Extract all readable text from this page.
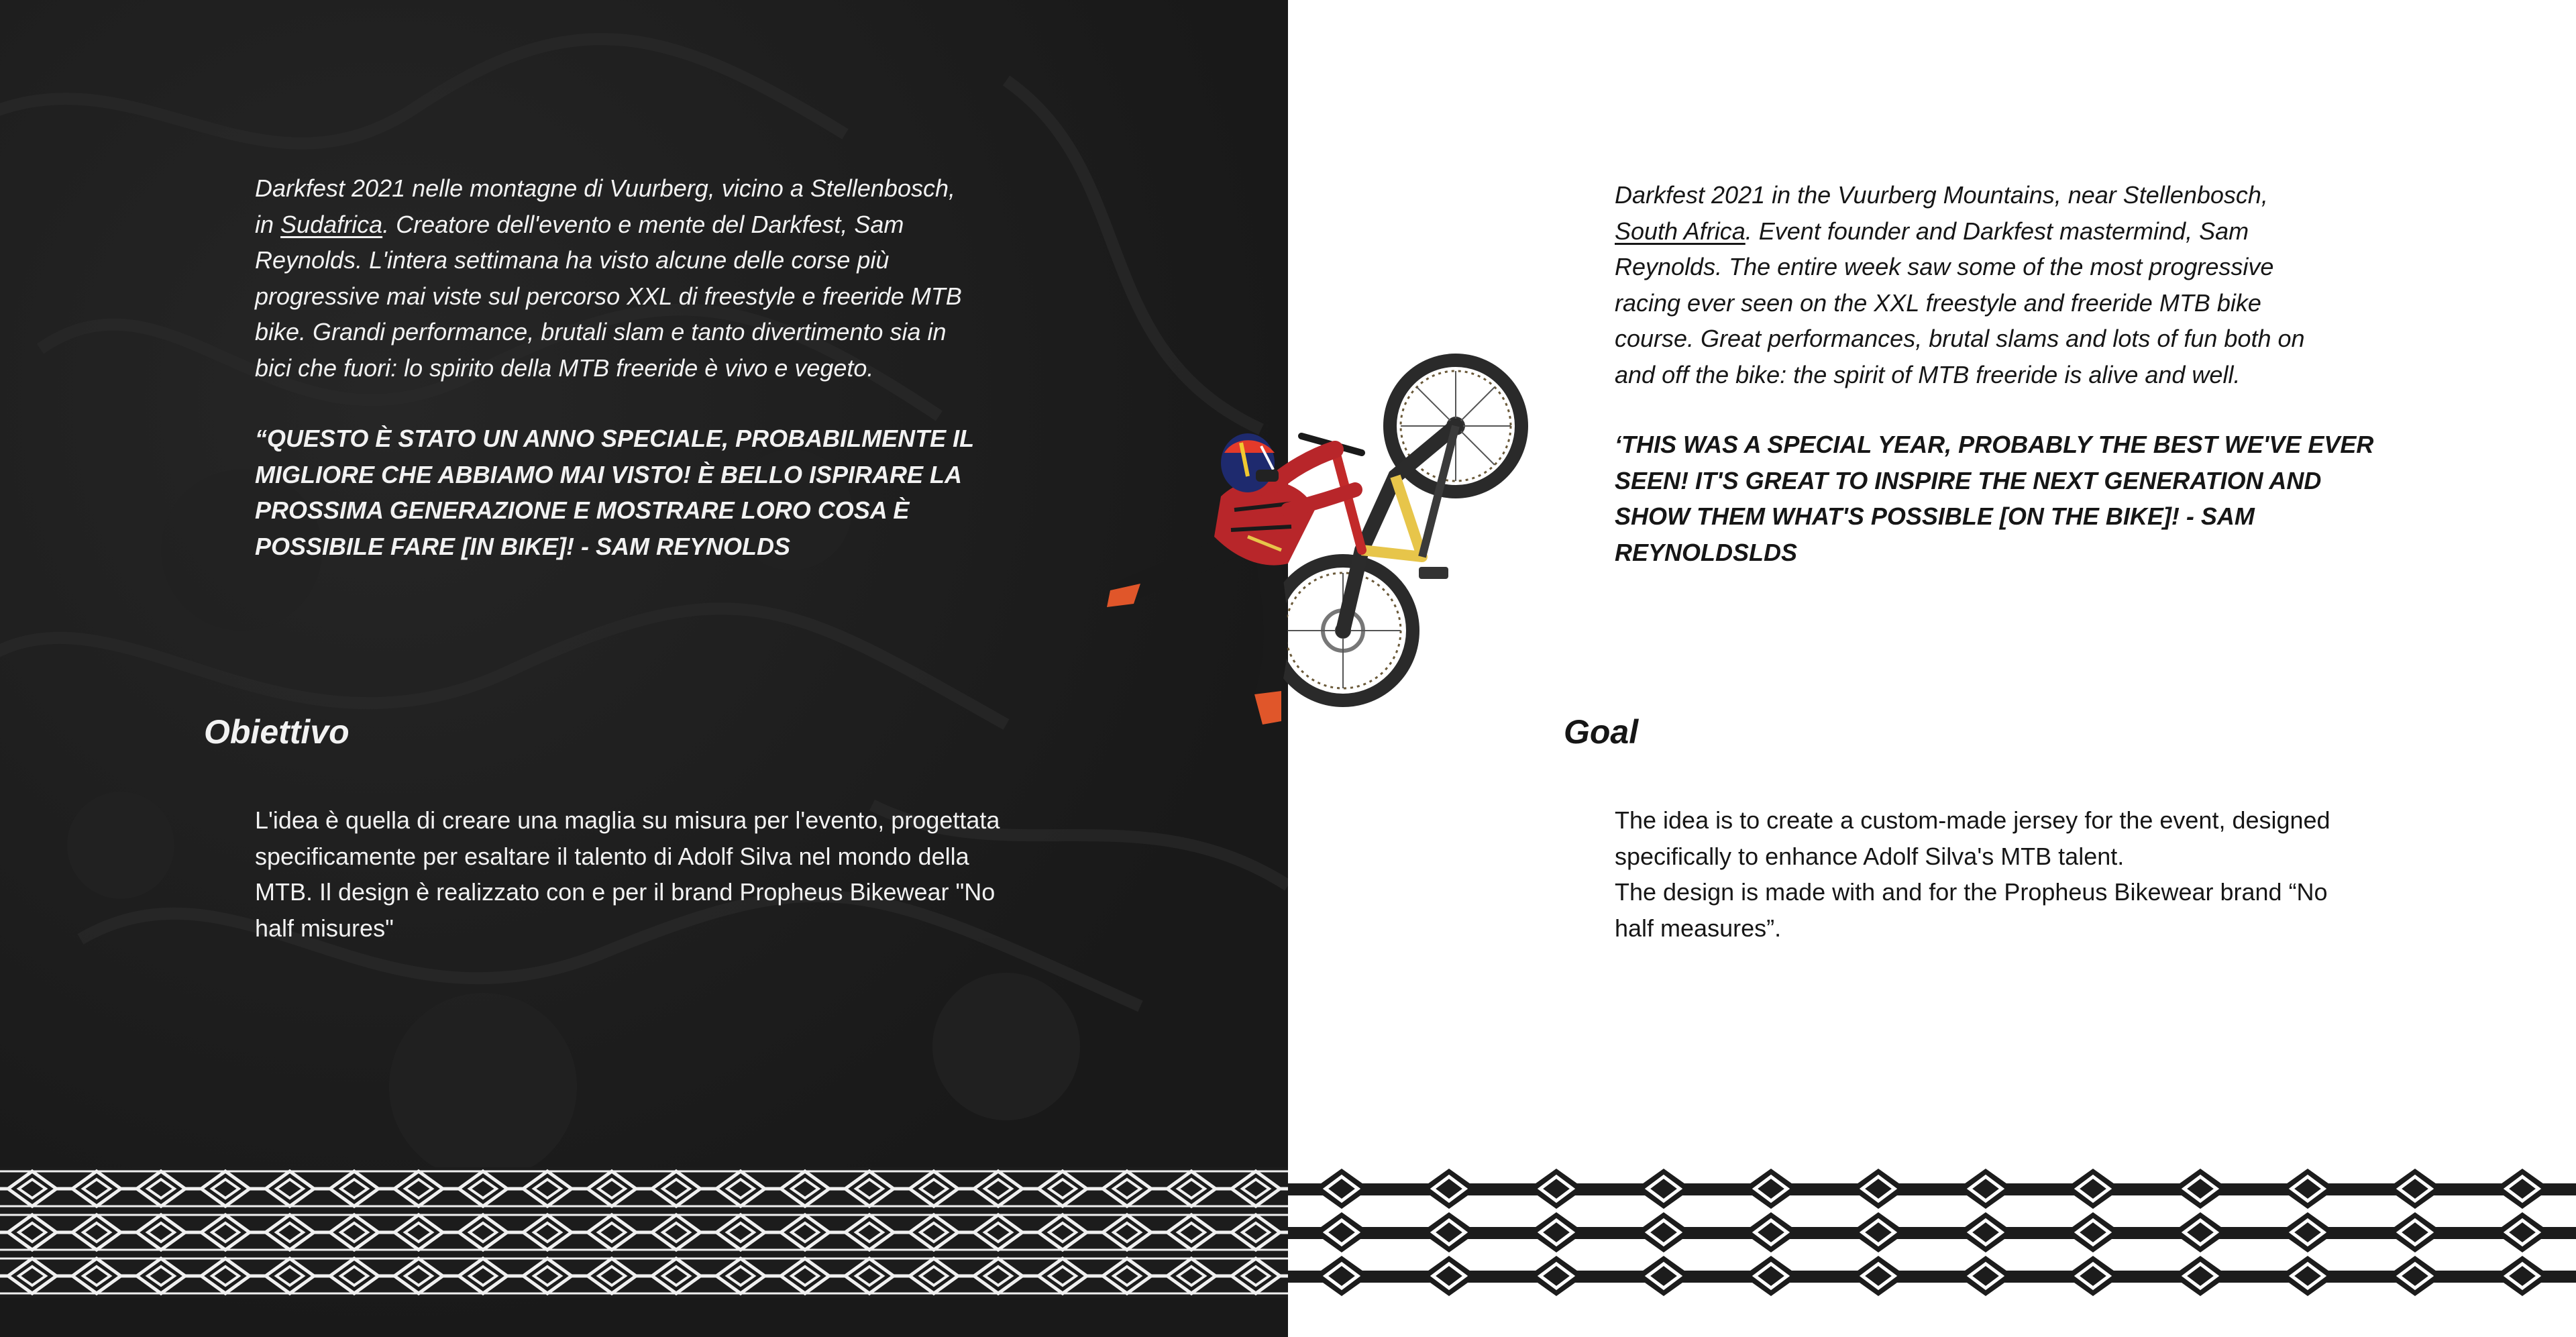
Darkfest 2021 nelle montagne di Vuurberg, vicino a Stellenbosch,
in Sudafrica. Creatore dell'evento e mente del Darkfest, Sam
Reynolds. L'intera settimana ha visto alcune delle corse più
progressive mai viste sul percorso XXL di freestyle e freeride MTB
bike. Grandi performance, brutali slam e tanto divertimento sia in
bici che fuori: lo spirito della MTB freeride è vivo e vegeto.

“QUESTO È STATO UN ANNO SPECIALE, PROBABILMENTE IL
MIGLIORE CHE ABBIAMO MAI VISTO! È BELLO ISPIRARE LA
PROSSIMA GENERAZIONE E MOSTRARE LORO COSA È
POSSIBILE FARE [IN BIKE]! - SAM REYNOLDS

Obiettivo

L'idea è quella di creare una maglia su misura per l'evento, progettata
specificamente per esaltare il talento di Adolf Silva nel mondo della
MTB. Il design è realizzato con e per il brand Propheus Bikewear "No
half misures"

Darkfest 2021 in the Vuurberg Mountains, near Stellenbosch,
South Africa. Event founder and Darkfest mastermind, Sam
Reynolds. The entire week saw some of the most progressive
racing ever seen on the XXL freestyle and freeride MTB bike
course. Great performances, brutal slams and lots of fun both on
and off the bike: the spirit of MTB freeride is alive and well.

‘THIS WAS A SPECIAL YEAR, PROBABLY THE BEST WE'VE EVER
SEEN! IT'S GREAT TO INSPIRE THE NEXT GENERATION AND
SHOW THEM WHAT'S POSSIBLE [ON THE BIKE]! - SAM
REYNOLDSLDS

Goal

The idea is to create a custom-made jersey for the event, designed
specifically to enhance Adolf Silva's MTB talent.
The design is made with and for the Propheus Bikewear brand “No
half measures”.
